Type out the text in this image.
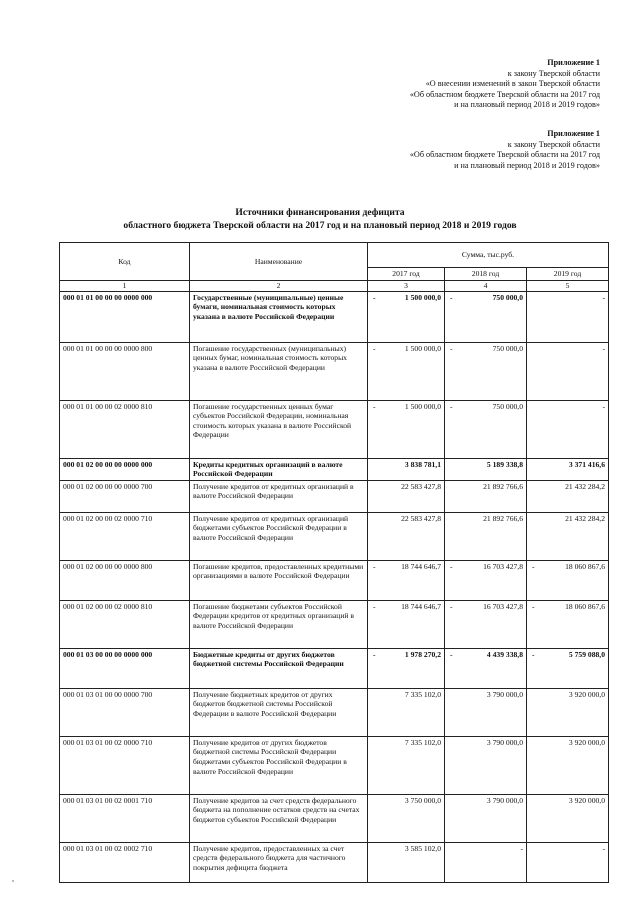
Приложение 1
к закону Тверской области
«О внесении изменений в закон Тверской области
«Об областном бюджете Тверской области на 2017 год
и на плановый период 2018 и 2019 годов»
Приложение 1
к закону Тверской области
«Об областном бюджете Тверской области на 2017 год
и на плановый период 2018 и 2019 годов»
Источники финансирования дефицита
областного бюджета Тверской области на 2017 год и на плановый период 2018 и 2019 годов
Код	Наименование	Сумма, тыс.руб.		
		2017 год	2018 год	2019 год
1	2	3	4	5
000 01 01 00 00 00 0000 000	Государственные (муниципальные) ценные бумаги, номинальная стоимость которых указана в валюте Российской Федерации	- 1 500 000,0	- 750 000,0	-
000 01 01 00 00 00 0000 800	Погашение государственных (муниципальных) ценных бумаг, номинальная стоимость которых указана в валюте Российской Федерации	- 1 500 000,0	- 750 000,0	-
000 01 01 00 00 02 0000 810	Погашение государственных ценных бумаг субъектов Российской Федерации, номинальная стоимость которых указана в валюте Российской Федерации	- 1 500 000,0	- 750 000,0	-
000 01 02 00 00 00 0000 000	Кредиты кредитных организаций в валюте Российской Федерации	3 838 781,1	5 189 338,8	3 371 416,6
000 01 02 00 00 00 0000 700	Получение кредитов от кредитных организаций в валюте Российской Федерации	22 583 427,8	21 892 766,6	21 432 284,2
000 01 02 00 00 02 0000 710	Получение кредитов от кредитных организаций бюджетами субъектов Российской Федерации в валюте Российской Федерации	22 583 427,8	21 892 766,6	21 432 284,2
000 01 02 00 00 00 0000 800	Погашение кредитов, предоставленных кредитными организациями в валюте Российской Федерации	- 18 744 646,7	- 16 703 427,8	- 18 060 867,6
000 01 02 00 00 02 0000 810	Погашение бюджетами субъектов Российской Федерации кредитов от кредитных организаций в валюте Российской Федерации	- 18 744 646,7	- 16 703 427,8	- 18 060 867,6
000 01 03 00 00 00 0000 000	Бюджетные кредиты от других бюджетов бюджетной системы Российской Федерации	- 1 978 270,2	- 4 439 338,8	- 5 759 088,0
000 01 03 01 00 00 0000 700	Получение бюджетных кредитов от других бюджетов бюджетной системы Российской Федерации в валюте Российской Федерации	7 335 102,0	3 790 000,0	3 920 000,0
000 01 03 01 00 02 0000 710	Получение кредитов от других бюджетов бюджетной системы Российской Федерации бюджетами субъектов Российской Федерации в валюте Российской Федерации	7 335 102,0	3 790 000,0	3 920 000,0
000 01 03 01 00 02 0001 710	Получение кредитов за счет средств федерального бюджета на пополнение остатков средств на счетах бюджетов субъектов Российской Федерации	3 750 000,0	3 790 000,0	3 920 000,0
000 01 03 01 00 02 0002 710	Получение кредитов, предоставленных за счет средств федерального бюджета для частичного покрытия дефицита бюджета	3 585 102,0	-	-
